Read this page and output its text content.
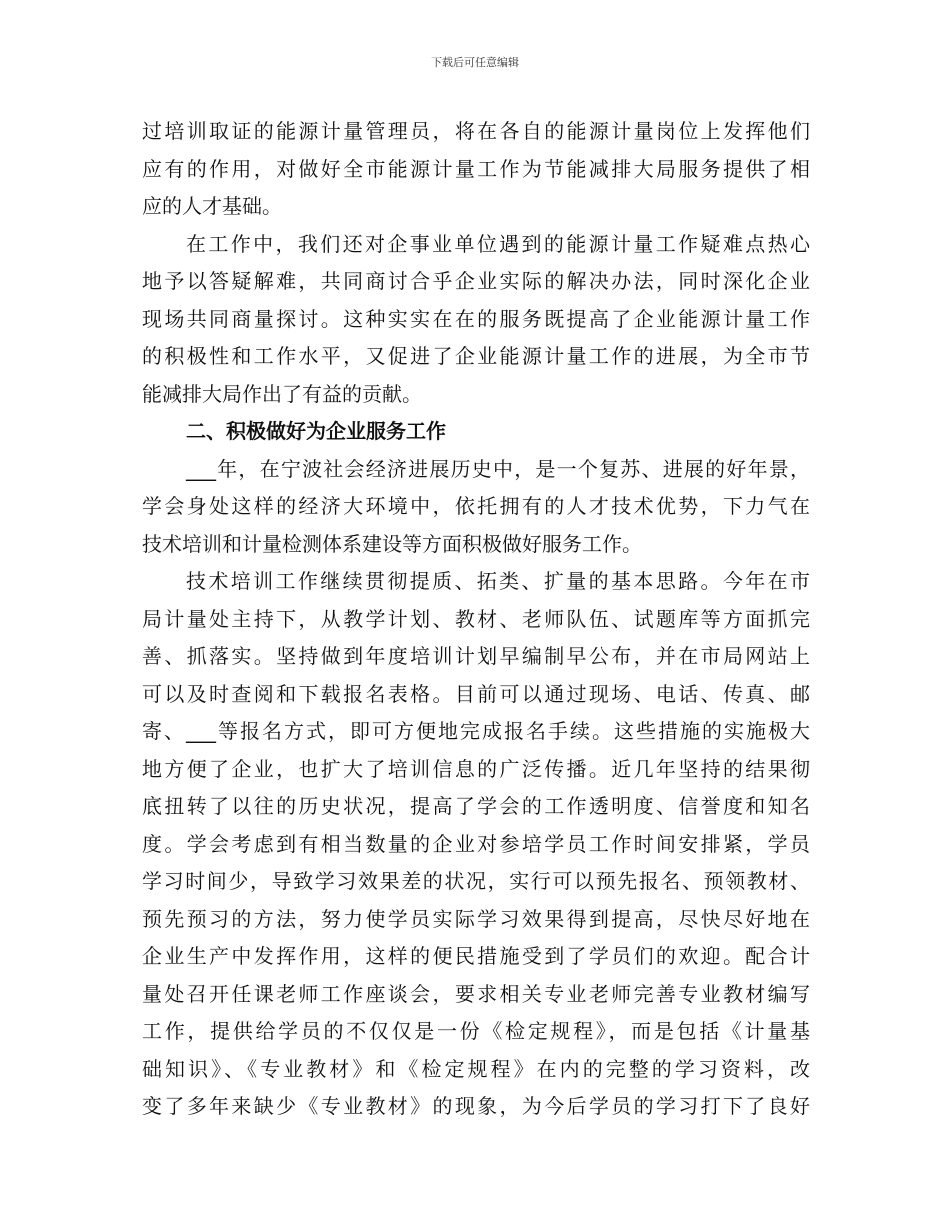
下载后可任意编辑
过培训取证的能源计量管理员，将在各自的能源计量岗位上发挥他们
应有的作用，对做好全市能源计量工作为节能减排大局服务提供了相
应的人才基础。
在工作中，我们还对企事业单位遇到的能源计量工作疑难点热心
地予以答疑解难，共同商讨合乎企业实际的解决办法，同时深化企业
现场共同商量探讨。这种实实在在的服务既提高了企业能源计量工作
的积极性和工作水平，又促进了企业能源计量工作的进展，为全市节
能减排大局作出了有益的贡献。
二、积极做好为企业服务工作
___年，在宁波社会经济进展历史中，是一个复苏、进展的好年景，
学会身处这样的经济大环境中，依托拥有的人才技术优势，下力气在
技术培训和计量检测体系建设等方面积极做好服务工作。
技术培训工作继续贯彻提质、拓类、扩量的基本思路。今年在市
局计量处主持下，从教学计划、教材、老师队伍、试题库等方面抓完
善、抓落实。坚持做到年度培训计划早编制早公布，并在市局网站上
可以及时查阅和下载报名表格。目前可以通过现场、电话、传真、邮
寄、___等报名方式，即可方便地完成报名手续。这些措施的实施极大
地方便了企业，也扩大了培训信息的广泛传播。近几年坚持的结果彻
底扭转了以往的历史状况，提高了学会的工作透明度、信誉度和知名
度。学会考虑到有相当数量的企业对参培学员工作时间安排紧，学员
学习时间少，导致学习效果差的状况，实行可以预先报名、预领教材、
预先预习的方法，努力使学员实际学习效果得到提高，尽快尽好地在
企业生产中发挥作用，这样的便民措施受到了学员们的欢迎。配合计
量处召开任课老师工作座谈会，要求相关专业老师完善专业教材编写
工作，提供给学员的不仅仅是一份《检定规程》，而是包括《计量基
础知识》、《专业教材》和《检定规程》在内的完整的学习资料，改
变了多年来缺少《专业教材》的现象，为今后学员的学习打下了良好
